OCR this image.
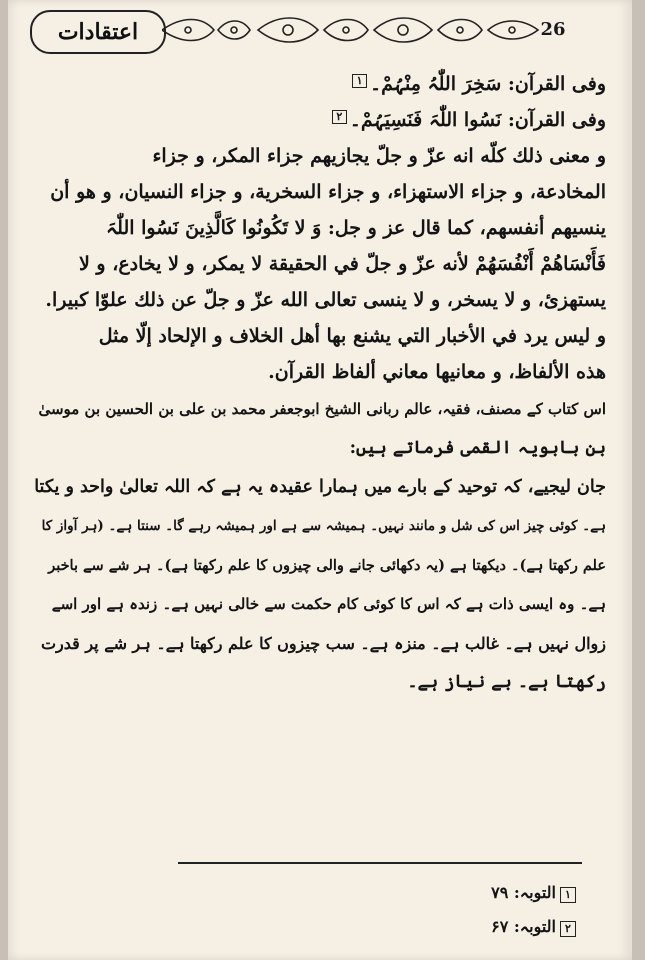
اعتقادات	26
وفی القرآن: سَخِرَ اللّٰہُ مِنْہُمْ۔۱
وفی القرآن: نَسُوا اللّٰہَ فَنَسِیَہُمْ۔۲
و معنی ذلك كلّه انه عزّ و جلّ يجازيهم جزاء المكر، و جزاء
المخادعة، و جزاء الاستهزاء، و جزاء السخرية، و جزاء النسيان، و هو أن
ينسيهم أنفسهم، كما قال عز و جل: وَ لا تَكُونُوا كَالَّذِينَ نَسُوا اللّٰہَ
فَأَنْسَاهُمْ أَنْفُسَهُمْ لأنه عزّ و جلّ في الحقيقة لا يمكر، و لا يخادع، و لا
يستهزئ، و لا يسخر، و لا ينسى تعالى الله عزّ و جلّ عن ذلك علوّا كبيرا.
و ليس يرد في الأخبار التي يشنع بها أهل الخلاف و الإلحاد إلّا مثل
هذه الألفاظ، و معانيها معاني ألفاظ القرآن.
اس کتاب کے مصنف، فقیہ، عالم ربانی الشیخ ابوجعفر محمد بن علی بن الحسین بن موسیٰ
بن بابویہ القمی فرماتے ہیں:
جان لیجیے، کہ توحید کے بارے میں ہمارا عقیدہ یہ ہے کہ اللہ تعالیٰ واحد و یکتا
ہے۔ کوئی چیز اس کی شل و مانند نہیں۔ ہمیشہ سے ہے اور ہمیشہ رہے گا۔ سنتا ہے۔ (ہر آواز کا
علم رکھتا ہے)۔ دیکھتا ہے (یہ دکھائی جانے والی چیزوں کا علم رکھتا ہے)۔ ہر شے سے باخبر
ہے۔ وہ ایسی ذات ہے کہ اس کا کوئی کام حکمت سے خالی نہیں ہے۔ زندہ ہے اور اسے
زوال نہیں ہے۔ غالب ہے۔ منزہ ہے۔ سب چیزوں کا علم رکھتا ہے۔ ہر شے پر قدرت
رکھتا ہے۔ بے نیاز ہے۔
۱التوبہ: ۷۹
۲التوبہ: ۶۷
